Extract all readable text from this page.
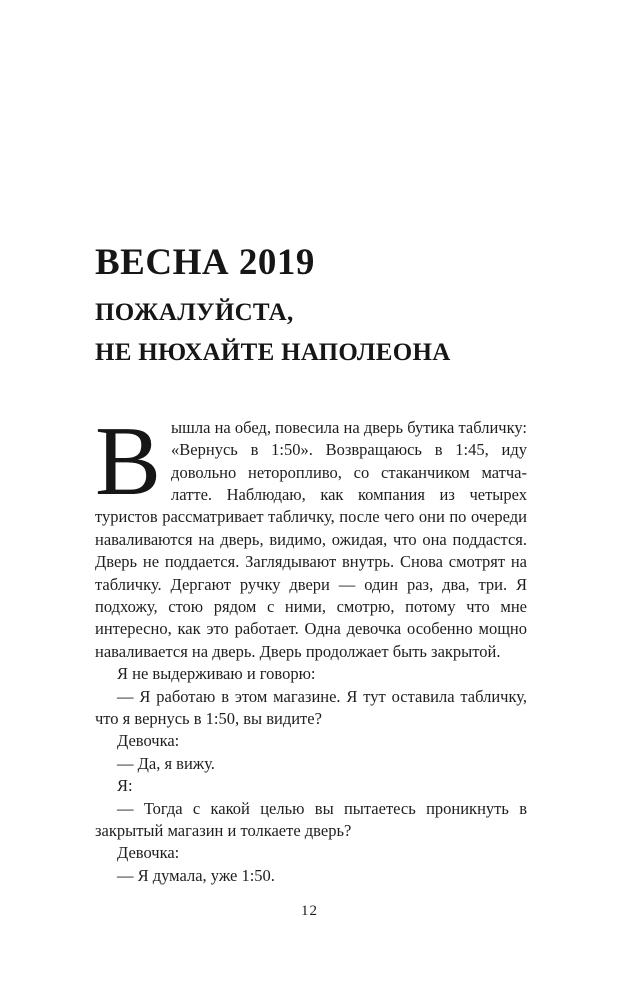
ВЕСНА 2019
ПОЖАЛУЙСТА,
НЕ НЮХАЙТЕ НАПОЛЕОНА

Вышла на обед, повесила на дверь бутика табличку: «Вернусь в 1:50». Возвращаюсь в 1:45, иду довольно неторопливо, со стаканчиком матча-латте. Наблюдаю, как компания из четырех туристов рассматривает табличку, после чего они по очереди наваливаются на дверь, видимо, ожидая, что она поддастся. Дверь не поддается. Заглядывают внутрь. Снова смотрят на табличку. Дергают ручку двери — один раз, два, три. Я подхожу, стою рядом с ними, смотрю, потому что мне интересно, как это работает. Одна девочка особенно мощно наваливается на дверь. Дверь продолжает быть закрытой.

Я не выдерживаю и говорю:

— Я работаю в этом магазине. Я тут оставила табличку, что я вернусь в 1:50, вы видите?

Девочка:

— Да, я вижу.

Я:

— Тогда с какой целью вы пытаетесь проникнуть в закрытый магазин и толкаете дверь?

Девочка:

— Я думала, уже 1:50.

12
